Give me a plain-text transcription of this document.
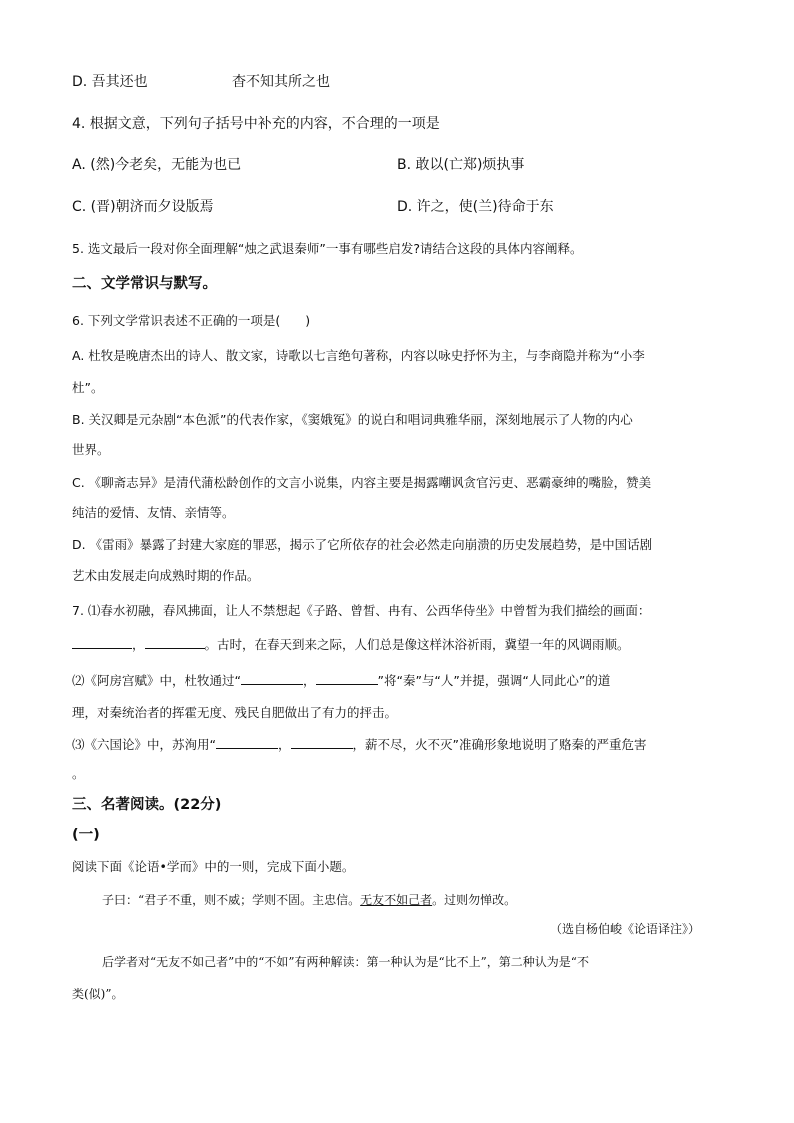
D. 吾其还也	杳不知其所之也
4. 根据文意，下列句子括号中补充的内容，不合理的一项是
A. (然)今老矣，无能为也已	B. 敢以(亡郑)烦执事
C. (晋)朝济而夕设版焉	D. 许之，使(兰)待命于东
5. 选文最后一段对你全面理解“烛之武退秦师”一事有哪些启发?请结合这段的具体内容阐释。
二、文学常识与默写。
6. 下列文学常识表述不正确的一项是(　　)
A. 杜牧是晚唐杰出的诗人、散文家，诗歌以七言绝句著称，内容以咏史抒怀为主，与李商隐并称为“小李
杜”。
B. 关汉卿是元杂剧“本色派”的代表作家，《窦娥冤》的说白和唱词典雅华丽，深刻地展示了人物的内心
世界。
C. 《聊斋志异》是清代蒲松龄创作的文言小说集，内容主要是揭露嘲讽贪官污吏、恶霸豪绅的嘴脸，赞美
纯洁的爱情、友情、亲情等。
D. 《雷雨》暴露了封建大家庭的罪恶，揭示了它所依存的社会必然走向崩溃的历史发展趋势，是中国话剧
艺术由发展走向成熟时期的作品。
7. ⑴春水初融，春风拂面，让人不禁想起《子路、曾皙、冉有、公西华侍坐》中曾皙为我们描绘的画面：
，	。古时，在春天到来之际，人们总是像这样沐浴祈雨，冀望一年的风调雨顺。
⑵《阿房宫赋》中，杜牧通过“	，	”将“秦”与“人”并提，强调“人同此心”的道
理，对秦统治者的挥霍无度、残民自肥做出了有力的抨击。
⑶《六国论》中，苏洵用“	，	，薪不尽，火不灭”准确形象地说明了赂秦的严重危害
。
三、名著阅读。(22分)
(一)
阅读下面《论语•学而》中的一则，完成下面小题。
子曰：“君子不重，则不威；学则不固。主忠信。无友不如己者。过则勿惮改。
（选自杨伯峻《论语译注》）
后学者对“无友不如己者”中的“不如”有两种解读：第一种认为是“比不上”，第二种认为是“不
类(似)”。
